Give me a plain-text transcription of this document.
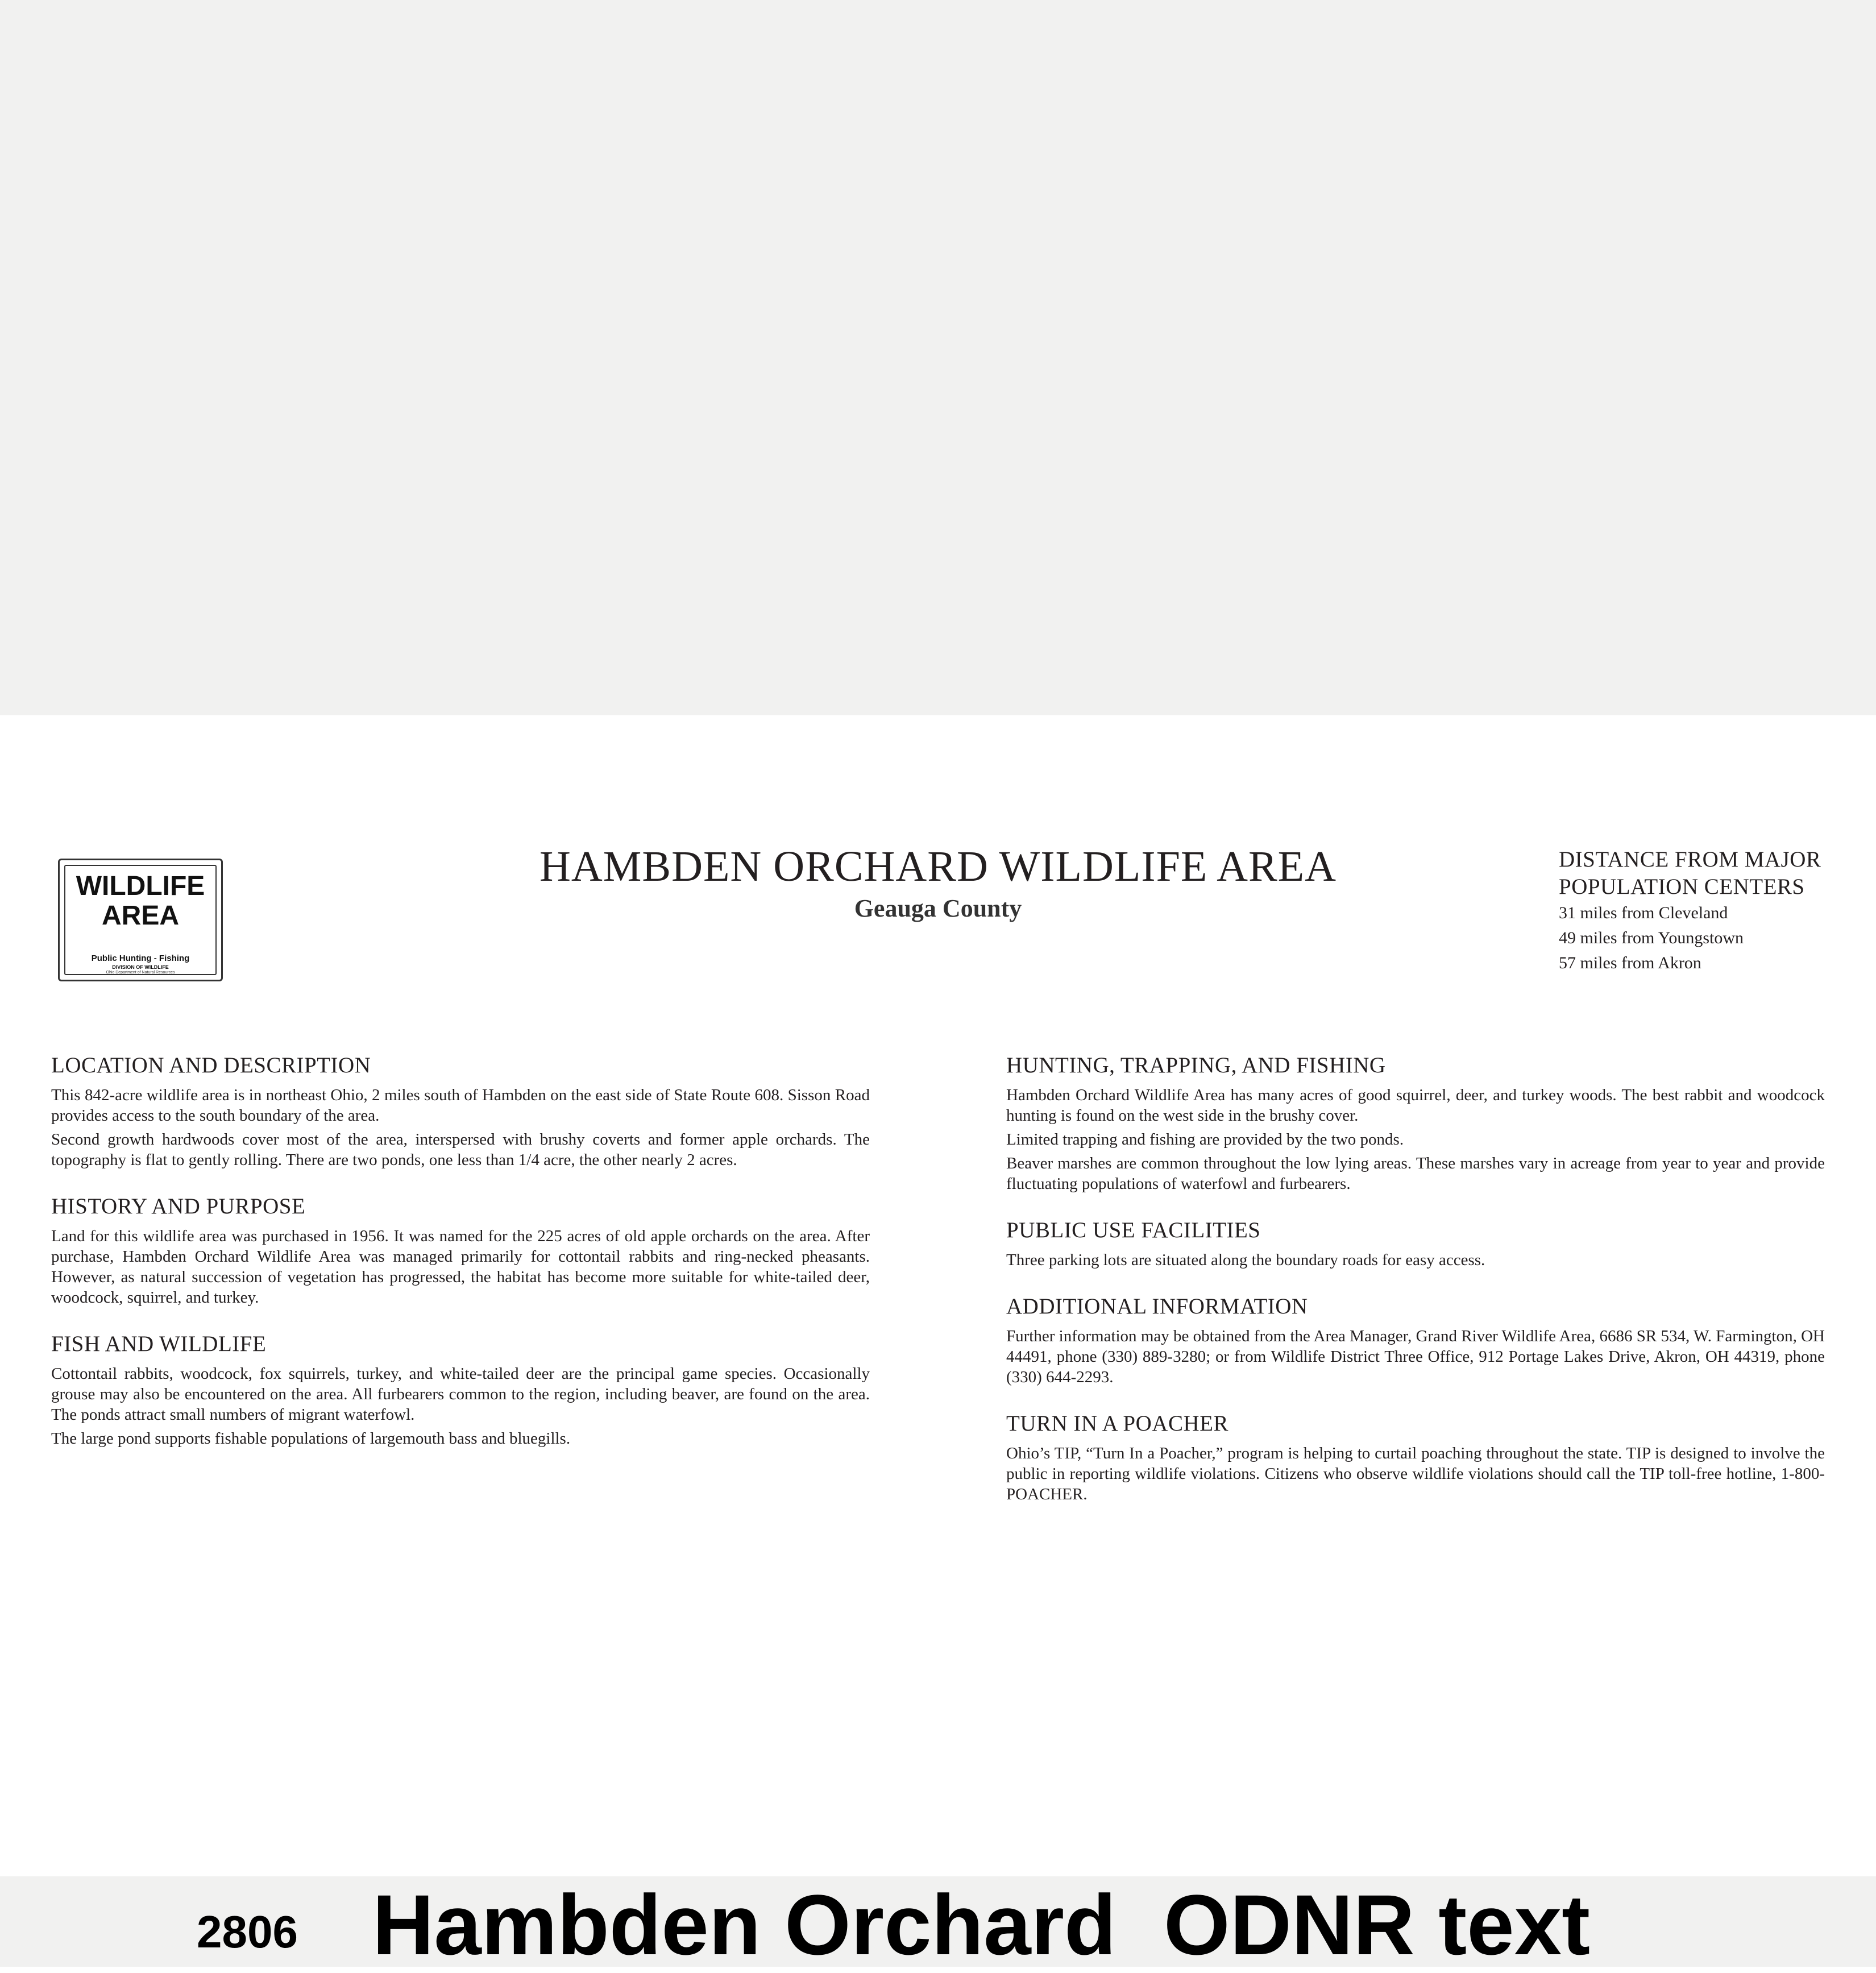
WILDLIFE
AREA
Public Hunting - Fishing
DIVISION OF WILDLIFE
Ohio Department of Natural Resources
HAMBDEN ORCHARD WILDLIFE AREA
Geauga County
DISTANCE FROM MAJOR
POPULATION CENTERS
31 miles from Cleveland
49 miles from Youngstown
57 miles from Akron
LOCATION AND DESCRIPTION

This 842-acre wildlife area is in northeast Ohio, 2 miles south of Hambden on the east side of State Route 608. Sisson Road provides access to the south boundary of the area.

Second growth hardwoods cover most of the area, interspersed with brushy coverts and former apple orchards. The topography is flat to gently rolling. There are two ponds, one less than 1/4 acre, the other nearly 2 acres.

HISTORY AND PURPOSE

Land for this wildlife area was purchased in 1956. It was named for the 225 acres of old apple orchards on the area. After purchase, Hambden Orchard Wildlife Area was managed primarily for cottontail rabbits and ring-necked pheasants. However, as natural succession of vegetation has progressed, the habitat has become more suitable for white-tailed deer, woodcock, squirrel, and turkey.

FISH AND WILDLIFE

Cottontail rabbits, woodcock, fox squirrels, turkey, and white-tailed deer are the principal game species. Occasionally grouse may also be encountered on the area. All furbearers common to the region, including beaver, are found on the area. The ponds attract small numbers of migrant waterfowl.

The large pond supports fishable populations of largemouth bass and bluegills.

HUNTING, TRAPPING, AND FISHING

Hambden Orchard Wildlife Area has many acres of good squirrel, deer, and turkey woods. The best rabbit and woodcock hunting is found on the west side in the brushy cover.

Limited trapping and fishing are provided by the two ponds.

Beaver marshes are common throughout the low lying areas. These marshes vary in acreage from year to year and provide fluctuating populations of waterfowl and furbearers.

PUBLIC USE FACILITIES

Three parking lots are situated along the boundary roads for easy access.

ADDITIONAL INFORMATION

Further information may be obtained from the Area Manager, Grand River Wildlife Area, 6686 SR 534, W. Farmington, OH 44491, phone (330) 889-3280; or from Wildlife District Three Office, 912 Portage Lakes Drive, Akron, OH 44319, phone (330) 644-2293.

TURN IN A POACHER

Ohio’s TIP, “Turn In a Poacher,” program is helping to curtail poaching throughout the state. TIP is designed to involve the public in reporting wildlife violations. Citizens who observe wildlife violations should call the TIP toll-free hotline, 1-800-POACHER.

2806 Hambden Orchard  ODNR text
